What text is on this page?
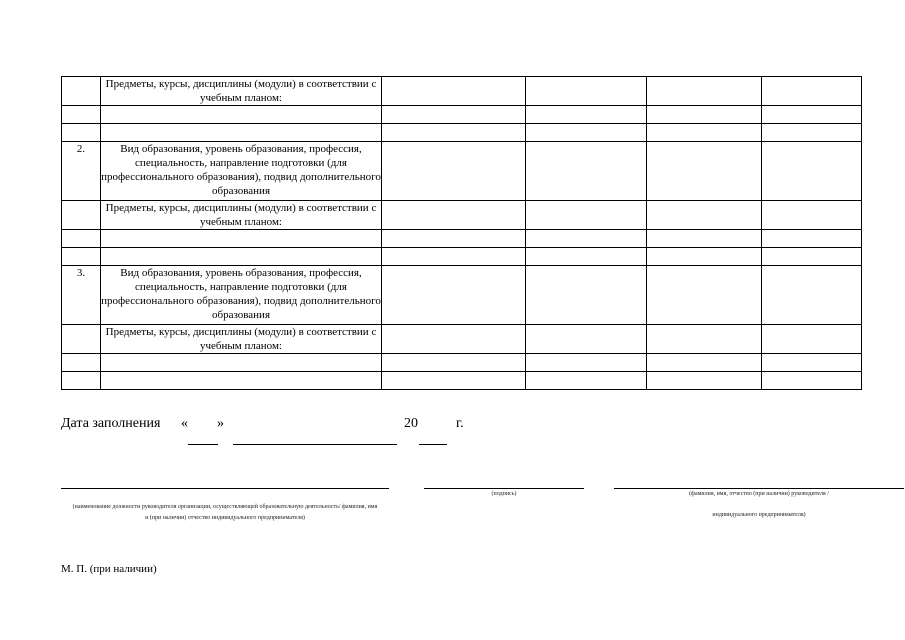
	Предметы, курсы, дисциплины (модули) в соответствии с учебным планом:				

2.	Вид образования, уровень образования, профессия, специальность, направление подготовки (для профессионального образования), подвид дополнительного образования				
	Предметы, курсы, дисциплины (модули) в соответствии с учебным планом:				

3.	Вид образования, уровень образования, профессия, специальность, направление подготовки (для профессионального образования), подвид дополнительного образования				
	Предметы, курсы, дисциплины (модули) в соответствии с учебным планом:				

Дата заполнения « »	20	г.
(наименование должности руководителя организации, осуществляющей образовательную деятельность/ фамилия, имя и (при наличии) отчество индивидуального предпринимателя)
(подпись)	(фамилия, имя, отчество (при наличии) руководителя /
индивидуального предпринимателя)
М. П. (при наличии)
